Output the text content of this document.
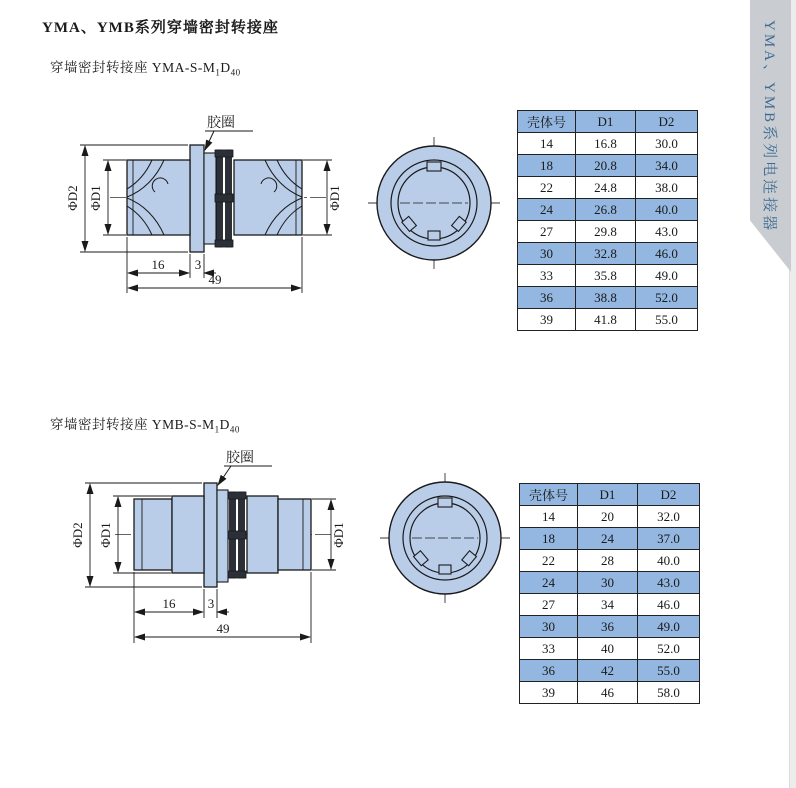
YMA、YMB系列穿墙密封转接座
穿墙密封转接座 YMA-$S-M_1D_{40}$
胶圈
ΦD2 ΦD1	ΦD1
16 3
49
壳体号	D1	D2
14	16.8	30.0
18	20.8	34.0
22	24.8	38.0
24	26.8	40.0
27	29.8	43.0
30	32.8	46.0
33	35.8	49.0
36	38.8	52.0
39	41.8	55.0
穿墙密封转接座 YMB-$S-M_1D_{40}$
胶圈
ΦD2 ΦD1	ΦD1
16 3
49
壳体号	D1	D2
14	20	32.0
18	24	37.0
22	28	40.0
24	30	43.0
27	34	46.0
30	36	49.0
33	40	52.0
36	42	55.0
39	46	58.0
YMA、YMB系列电连接器
